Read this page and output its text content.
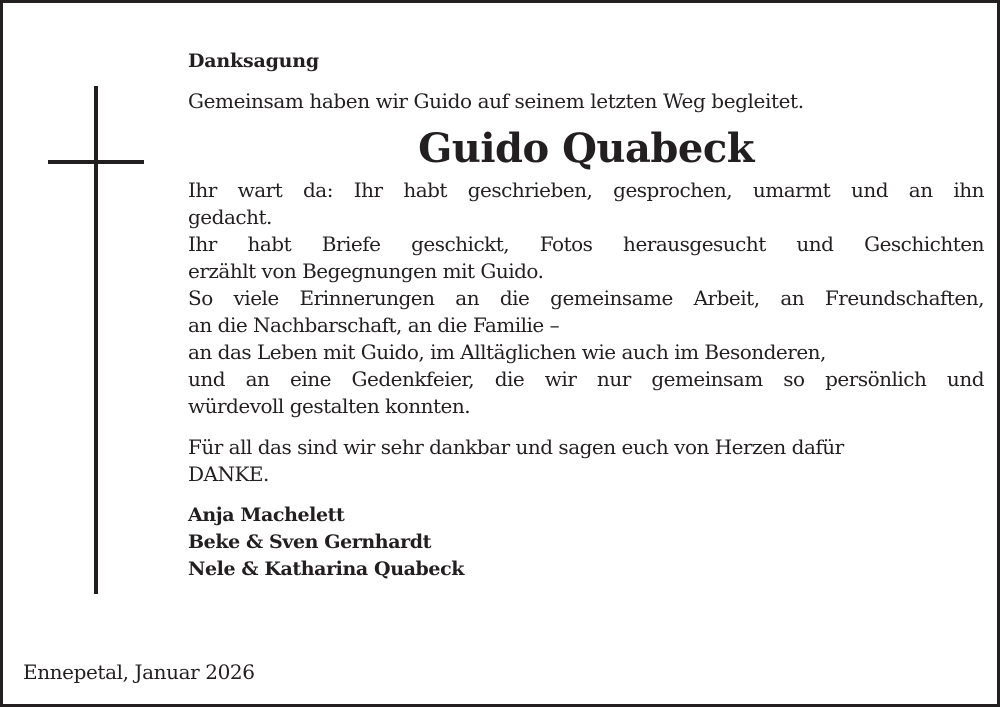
Danksagung
Gemeinsam haben wir Guido auf seinem letzten Weg begleitet.
Guido Quabeck
Ihr wart da: Ihr habt geschrieben, gesprochen, umarmt und an ihn
gedacht.
Ihr habt Briefe geschickt, Fotos herausgesucht und Geschichten
erzählt von Begegnungen mit Guido.
So viele Erinnerungen an die gemeinsame Arbeit, an Freundschaften,
an die Nachbarschaft, an die Familie –
an das Leben mit Guido, im Alltäglichen wie auch im Besonderen,
und an eine Gedenkfeier, die wir nur gemeinsam so persönlich und
würdevoll gestalten konnten.
Für all das sind wir sehr dankbar und sagen euch von Herzen dafür
DANKE.
Anja Machelett
Beke & Sven Gernhardt
Nele & Katharina Quabeck
Ennepetal, Januar 2026
